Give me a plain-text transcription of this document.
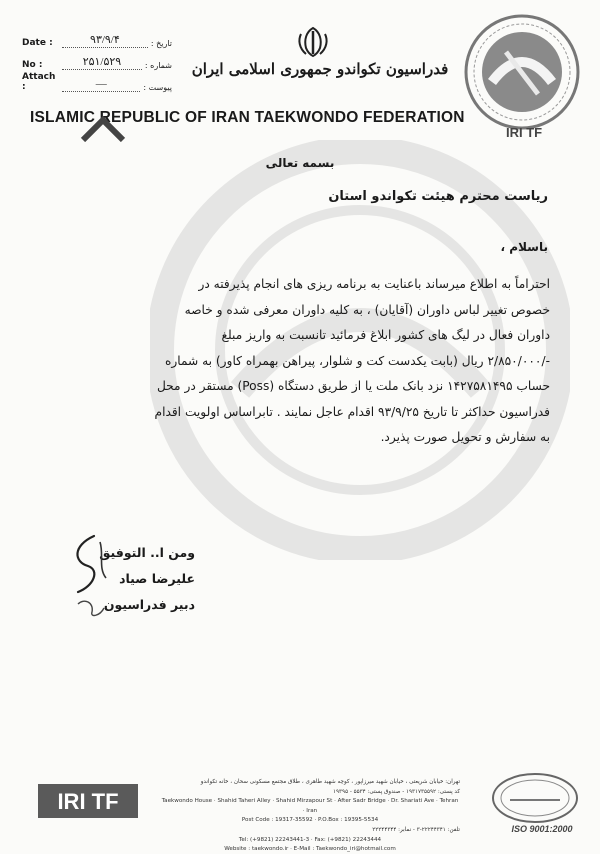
Date :	۹۳/۹/۴	: تاریخ
No :	۲۵۱/۵۲۹	: شماره
Attach :	―	: پیوست
فدراسیون تکواندو جمهوری اسلامی ایران
ISLAMIC REPUBLIC OF IRAN TAEKWONDO FEDERATION
IRI TF
بسمه تعالی
ریاست محترم هیئت تکواندو استان
باسلام ،
احتراماً به اطلاع میرساند باعنایت به برنامه ریزی های انجام پذیرفته در
خصوص تغییر لباس داوران (آقایان) ، به کلیه داوران معرفی شده و خاصه
داوران فعال در لیگ های کشور ابلاغ فرمائید تانسبت به واریز مبلغ
-/۲/۸۵۰/۰۰۰ ریال (بابت یکدست کت و شلوار، پیراهن بهمراه کاور) به شماره
حساب ۱۴۲۷۵۸۱۴۹۵ نزد بانک ملت یا از طریق دستگاه (Poss) مستقر در محل
فدراسیون حداکثر تا تاریخ ۹۳/۹/۲۵ اقدام عاجل نمایند . تابراساس اولویت اقدام
به سفارش و تحویل صورت پذیرد.
ومن ا.. التوفیق
علیرضا صیاد
دبیر فدراسیون
IRI TF
تهران: خیابان شریعتی ، خیابان شهید میرزاپور ، کوچه شهید طاهری ، طلاق مجتمع مسکونی سحان ، خانه تکواندو
کد پستی: ۱۹۳۱۷۳۵۵۹۲ - صندوق پستی: ۵۵۳۴ - ۱۹۳۹۵
Taekwondo House · Shahid Taheri Alley · Shahid Mirzapour St · After Sadr Bridge · Dr. Shariati Ave · Tehran · Iran
Post Code : 19317-35592 · P.O.Box : 19395-5534
تلفن: ۲۲۲۴۴۳۴۱-۳ - نمابر: ۲۲۲۴۴۳۴۴
Tel: (+9821) 22243441-3 · Fax: (+9821) 22243444
Website : taekwondo.ir · E-Mail : Taekwondo_iri@hotmail.com
ISO 9001:2000
